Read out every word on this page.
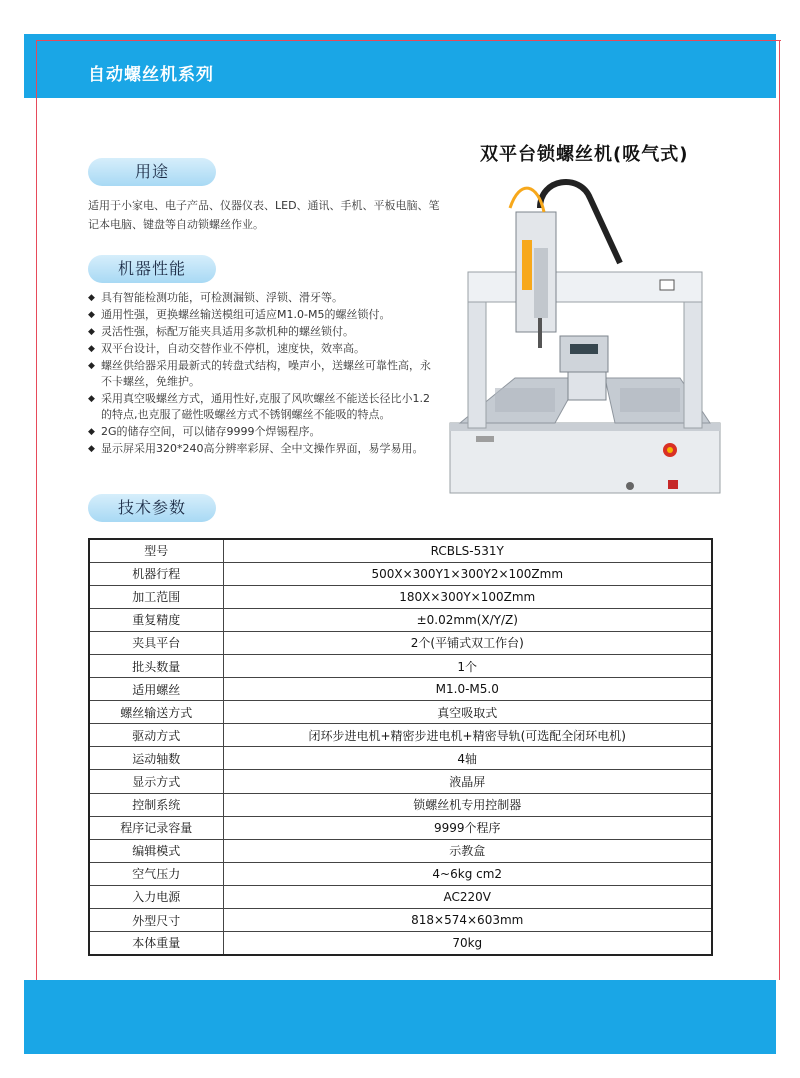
自动螺丝机系列
双平台锁螺丝机(吸气式)
用途
适用于小家电、电子产品、仪器仪表、LED、通讯、手机、平板电脑、笔记本电脑、键盘等自动锁螺丝作业。
机器性能
◆ 具有智能检测功能，可检测漏锁、浮锁、滑牙等。
◆ 通用性强，更换螺丝输送模组可适应M1.0-M5的螺丝锁付。
◆ 灵活性强，标配万能夹具适用多款机种的螺丝锁付。
◆ 双平台设计，自动交替作业不停机，速度快，效率高。
◆ 螺丝供给器采用最新式的转盘式结构，噪声小，送螺丝可靠性高，永不卡螺丝，免维护。
◆ 采用真空吸螺丝方式，通用性好,克服了风吹螺丝不能送长径比小1.2的特点,也克服了磁性吸螺丝方式不锈钢螺丝不能吸的特点。
◆ 2G的储存空间，可以储存9999个焊锡程序。
◆ 显示屏采用320*240高分辨率彩屏、全中文操作界面，易学易用。
技术参数
型号	RCBLS-531Y
机器行程	500X×300Y1×300Y2×100Zmm
加工范围	180X×300Y×100Zmm
重复精度	±0.02mm(X/Y/Z)
夹具平台	2个(平铺式双工作台)
批头数量	1个
适用螺丝	M1.0-M5.0
螺丝输送方式	真空吸取式
驱动方式	闭环步进电机+精密步进电机+精密导轨(可选配全闭环电机)
运动轴数	4轴
显示方式	液晶屏
控制系统	锁螺丝机专用控制器
程序记录容量	9999个程序
编辑模式	示教盒
空气压力	4~6kg cm2
入力电源	AC220V
外型尺寸	818×574×603mm
本体重量	70kg
